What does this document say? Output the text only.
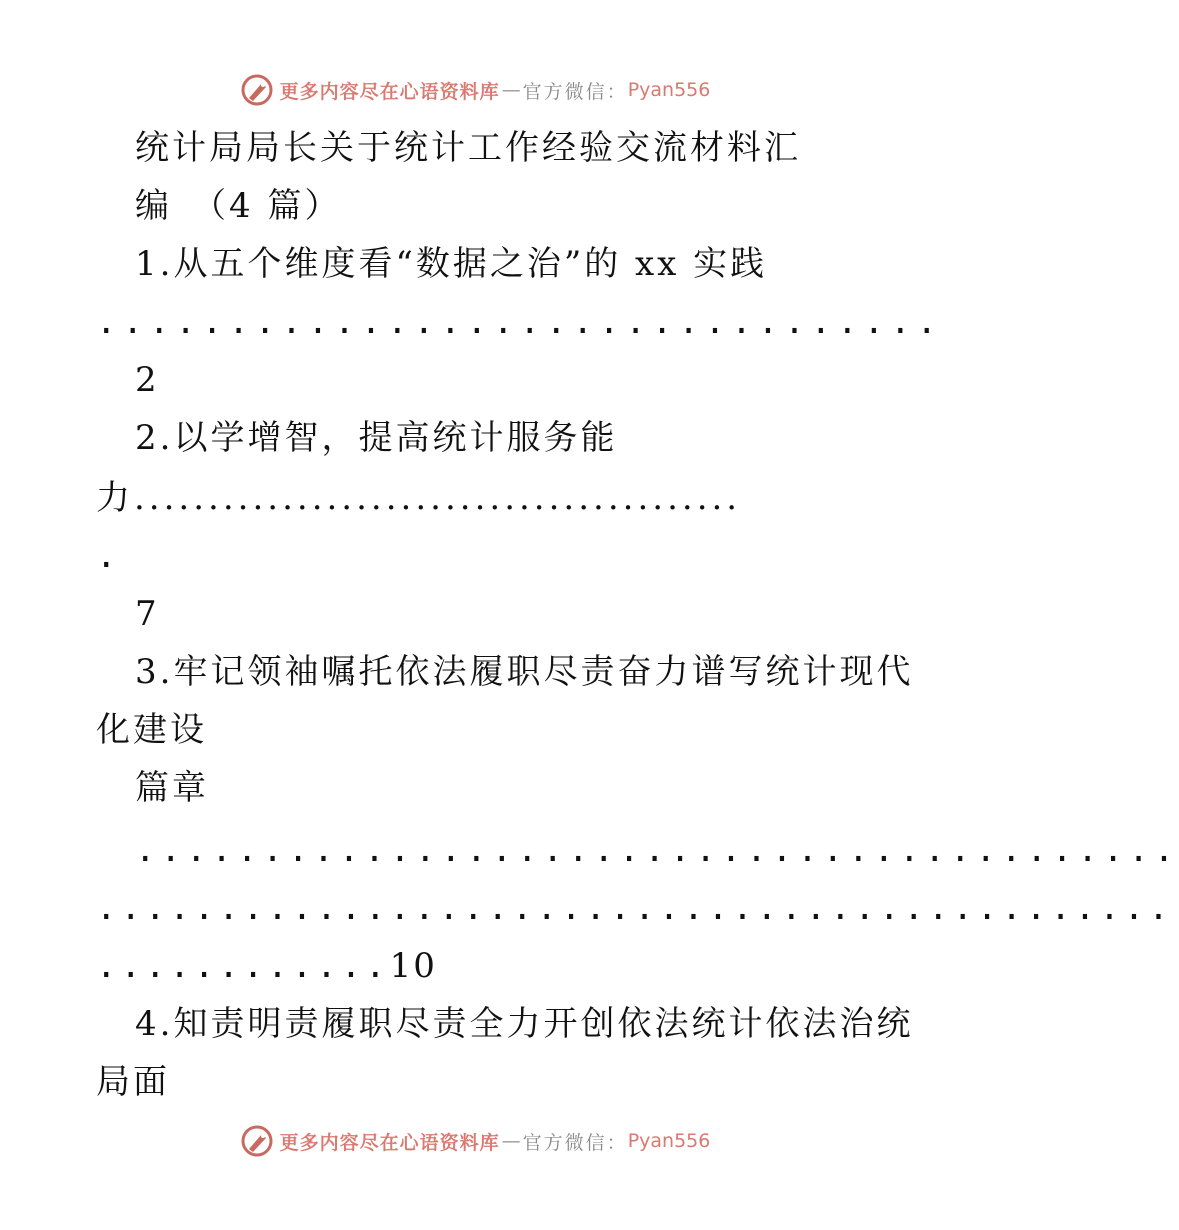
更多内容尽在心语资料库 — 官方微信： Pyan556
统计局局长关于统计工作经验交流材料汇
编　（4 篇）
1.从五个维度看“数据之治”的 xx 实践
................................
2
2.以学增智，提高统计服务能
力.........................................
.
7
3.牢记领袖嘱托依法履职尽责奋力谱写统计现代
化建设
篇章
.........................................
............................................
............10
4.知责明责履职尽责全力开创依法统计依法治统
局面
更多内容尽在心语资料库 — 官方微信： Pyan556
